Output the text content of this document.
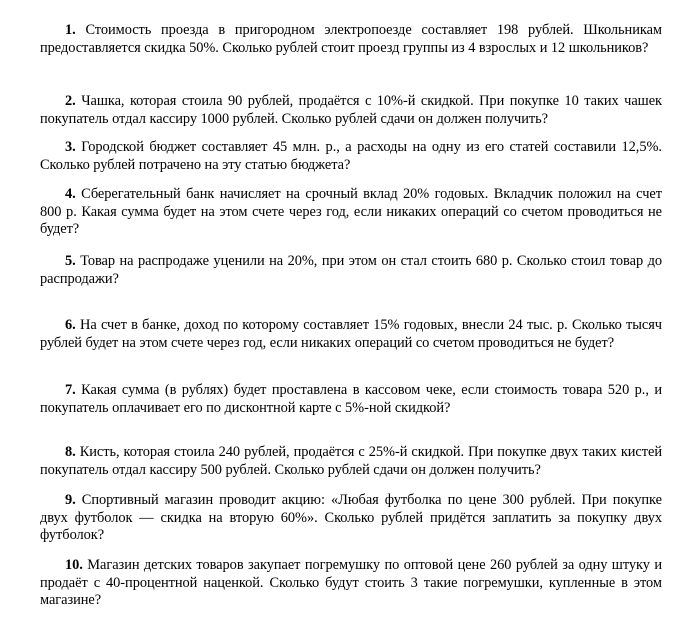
1. Стоимость проезда в пригородном электропоезде составляет 198 рублей. Школьникам предоставляется скидка 50%. Сколько рублей стоит проезд группы из 4 взрослых и 12 школьников?

2. Чашка, которая стоила 90 рублей, продаётся с 10%-й скидкой. При покупке 10 таких чашек покупатель отдал кассиру 1000 рублей. Сколько рублей сдачи он должен получить?

3. Городской бюджет составляет 45 млн. р., а расходы на одну из его статей составили 12,5%. Сколько рублей потрачено на эту статью бюджета?

4. Сберегательный банк начисляет на срочный вклад 20% годовых. Вкладчик положил на счет 800 р. Какая сумма будет на этом счете через год, если никаких операций со счетом проводиться не будет?

5. Товар на распродаже уценили на 20%, при этом он стал стоить 680 р. Сколько стоил товар до распродажи?

6. На счет в банке, доход по которому составляет 15% годовых, внесли 24 тыс. р. Сколько тысяч рублей будет на этом счете через год, если никаких операций со счетом проводиться не будет?

7. Какая сумма (в рублях) будет проставлена в кассовом чеке, если стоимость товара 520 р., и покупатель оплачивает его по дисконтной карте с 5%-ной скидкой?

8. Кисть, которая стоила 240 рублей, продаётся с 25%-й скидкой. При покупке двух таких кистей покупатель отдал кассиру 500 рублей. Сколько рублей сдачи он должен получить?

9. Спортивный магазин проводит акцию: «Любая футболка по цене 300 рублей. При покупке двух футболок — скидка на вторую 60%». Сколько рублей придётся заплатить за покупку двух футболок?

10. Магазин детских товаров закупает погремушку по оптовой цене 260 рублей за одну штуку и продаёт с 40-процентной наценкой. Сколько будут стоить 3 такие погремушки, купленные в этом магазине?
